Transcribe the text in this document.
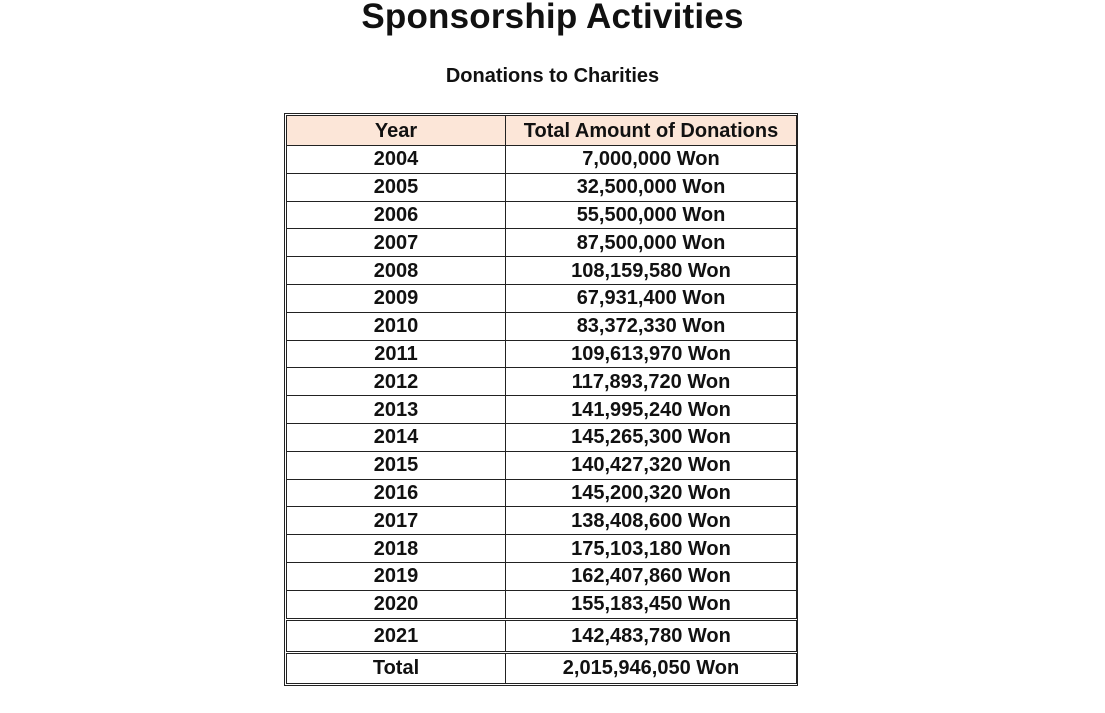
Sponsorship Activities
Donations to Charities
Year	Total Amount of Donations
2004	7,000,000 Won
2005	32,500,000 Won
2006	55,500,000 Won
2007	87,500,000 Won
2008	108,159,580 Won
2009	67,931,400 Won
2010	83,372,330 Won
2011	109,613,970 Won
2012	117,893,720 Won
2013	141,995,240 Won
2014	145,265,300 Won
2015	140,427,320 Won
2016	145,200,320 Won
2017	138,408,600 Won
2018	175,103,180 Won
2019	162,407,860 Won
2020	155,183,450 Won
2021	142,483,780 Won
Total	2,015,946,050 Won
